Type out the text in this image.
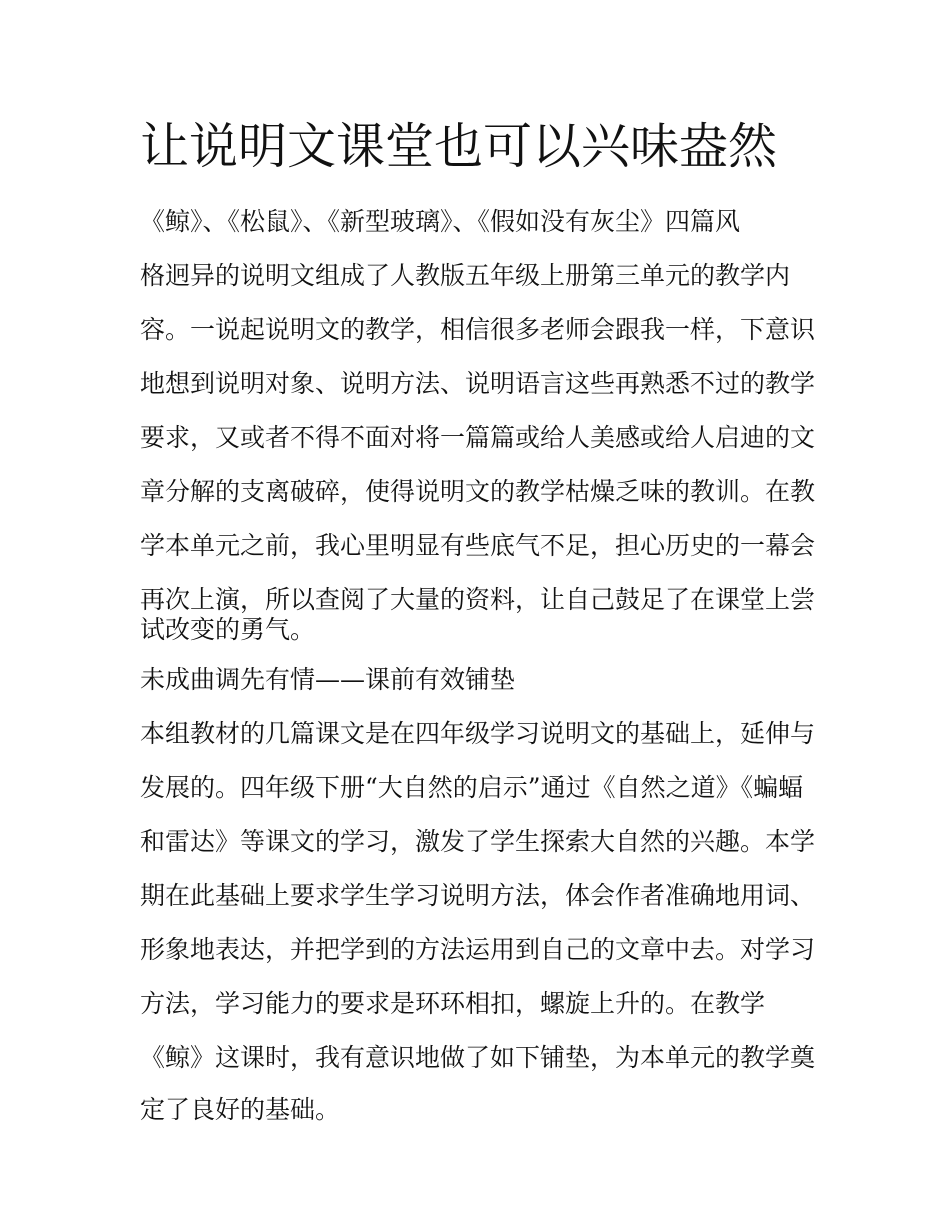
让说明文课堂也可以兴味盎然

《鲸》、《松鼠》、《新型玻璃》、《假如没有灰尘》四篇风

格迥异的说明文组成了人教版五年级上册第三单元的教学内

容。一说起说明文的教学，相信很多老师会跟我一样，下意识

地想到说明对象、说明方法、说明语言这些再熟悉不过的教学

要求，又或者不得不面对将一篇篇或给人美感或给人启迪的文

章分解的支离破碎，使得说明文的教学枯燥乏味的教训。在教

学本单元之前，我心里明显有些底气不足，担心历史的一幕会

再次上演，所以查阅了大量的资料，让自己鼓足了在课堂上尝

试改变的勇气。

未成曲调先有情——课前有效铺垫

本组教材的几篇课文是在四年级学习说明文的基础上，延伸与

发展的。四年级下册“大自然的启示”通过《自然之道》《蝙蝠

和雷达》等课文的学习，激发了学生探索大自然的兴趣。本学

期在此基础上要求学生学习说明方法，体会作者准确地用词、

形象地表达，并把学到的方法运用到自己的文章中去。对学习

方法，学习能力的要求是环环相扣，螺旋上升的。在教学

《鲸》这课时，我有意识地做了如下铺垫，为本单元的教学奠

定了良好的基础。
